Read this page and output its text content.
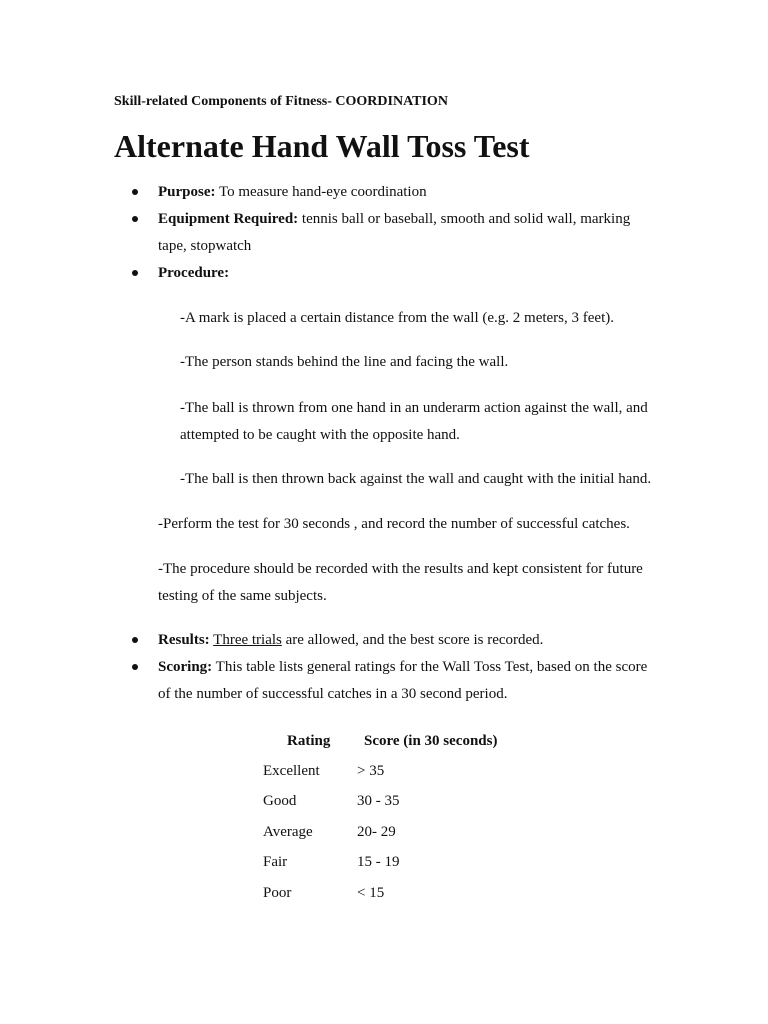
Skill-related Components of Fitness- COORDINATION
Alternate Hand Wall Toss Test
Purpose: To measure hand-eye coordination
Equipment Required: tennis ball or baseball, smooth and solid wall, marking
tape, stopwatch
Procedure:
-A mark is placed a certain distance from the wall (e.g. 2 meters, 3 feet).
-The person stands behind the line and facing the wall.
-The ball is thrown from one hand in an underarm action against the wall, and
attempted to be caught with the opposite hand.
-The ball is then thrown back against the wall and caught with the initial hand.
-Perform the test for 30 seconds , and record the number of successful catches.
-The procedure should be recorded with the results and kept consistent for future
testing of the same subjects.
Results: Three trials are allowed, and the best score is recorded.
Scoring: This table lists general ratings for the Wall Toss Test, based on the score
of the number of successful catches in a 30 second period.
Rating Score (in 30 seconds)
Excellent > 35
Good	30 - 35
Average	20- 29
Fair	15 - 19
Poor	< 15
